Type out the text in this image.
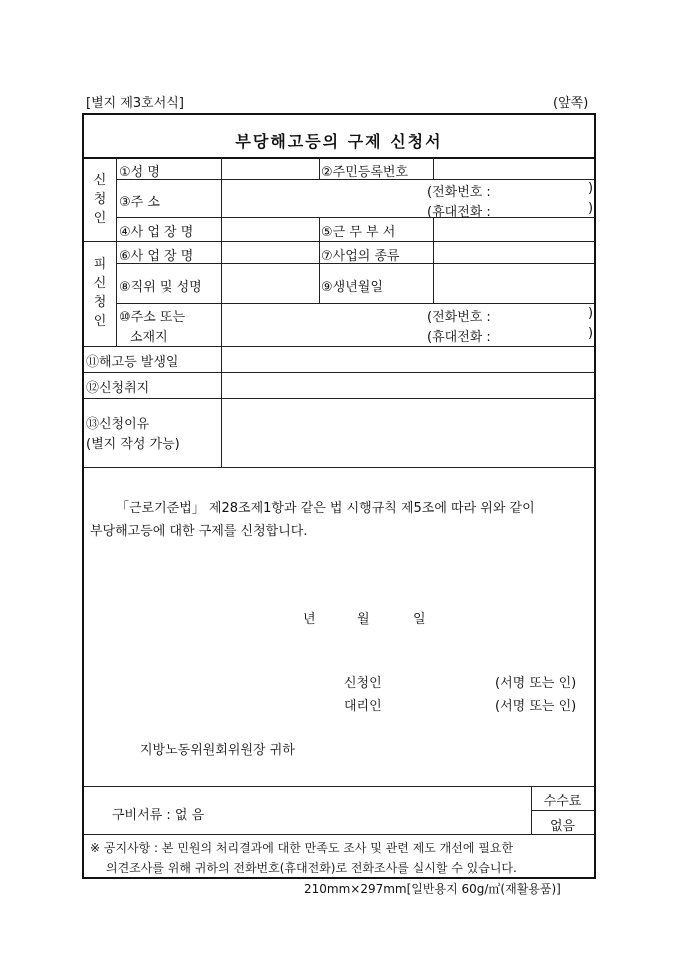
[별지 제3호서식]	(앞쪽)
부당해고등의 구제 신청서
신청인
①성 명	②주민등록번호
③주 소
(전화번호 :	)
(휴대전화 :	)
④사 업 장 명	⑤근 무 부 서
피신청인
⑥사 업 장 명	⑦사업의 종류
⑧직위 및 성명	⑨생년월일
⑩주소 또는
소재지
(전화번호 :	)
(휴대전화 :	)
⑪해고등 발생일
⑫신청취지
⑬신청이유
(별지 작성 가능)
「근로기준법」 제28조제1항과 같은 법 시행규칙 제5조에 따라 위와 같이
부당해고등에 대한 구제를 신청합니다.
년	월	일
신청인	(서명 또는 인)
대리인	(서명 또는 인)
지방노동위원회위원장 귀하
구비서류 : 없 음
수수료
없음
※ 공지사항 : 본 민원의 처리결과에 대한 만족도 조사 및 관련 제도 개선에 필요한
의견조사를 위해 귀하의 전화번호(휴대전화)로 전화조사를 실시할 수 있습니다.
210mm×297mm[일반용지 60g/㎡(재활용품)]
